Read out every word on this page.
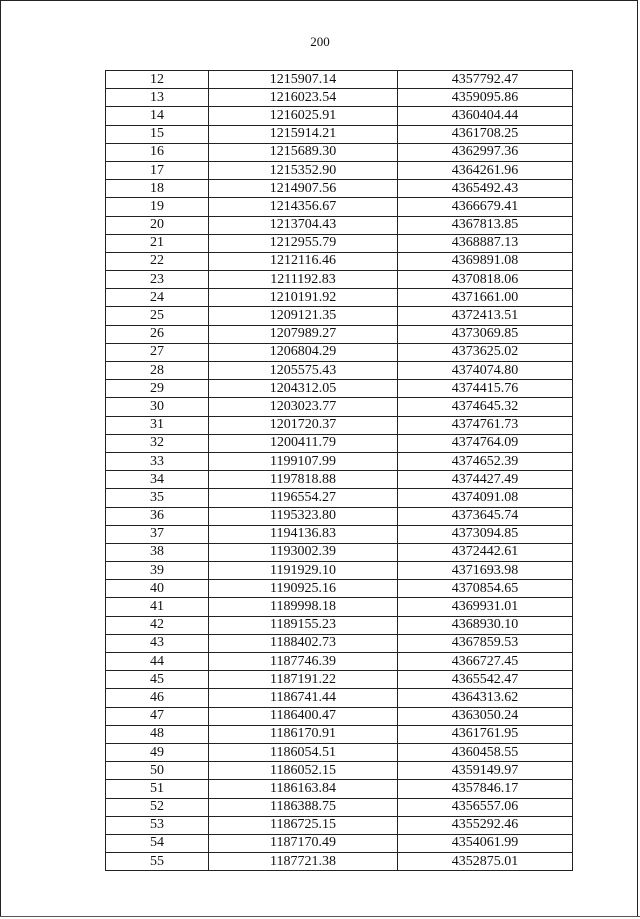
200
12	1215907.14	4357792.47
13	1216023.54	4359095.86
14	1216025.91	4360404.44
15	1215914.21	4361708.25
16	1215689.30	4362997.36
17	1215352.90	4364261.96
18	1214907.56	4365492.43
19	1214356.67	4366679.41
20	1213704.43	4367813.85
21	1212955.79	4368887.13
22	1212116.46	4369891.08
23	1211192.83	4370818.06
24	1210191.92	4371661.00
25	1209121.35	4372413.51
26	1207989.27	4373069.85
27	1206804.29	4373625.02
28	1205575.43	4374074.80
29	1204312.05	4374415.76
30	1203023.77	4374645.32
31	1201720.37	4374761.73
32	1200411.79	4374764.09
33	1199107.99	4374652.39
34	1197818.88	4374427.49
35	1196554.27	4374091.08
36	1195323.80	4373645.74
37	1194136.83	4373094.85
38	1193002.39	4372442.61
39	1191929.10	4371693.98
40	1190925.16	4370854.65
41	1189998.18	4369931.01
42	1189155.23	4368930.10
43	1188402.73	4367859.53
44	1187746.39	4366727.45
45	1187191.22	4365542.47
46	1186741.44	4364313.62
47	1186400.47	4363050.24
48	1186170.91	4361761.95
49	1186054.51	4360458.55
50	1186052.15	4359149.97
51	1186163.84	4357846.17
52	1186388.75	4356557.06
53	1186725.15	4355292.46
54	1187170.49	4354061.99
55	1187721.38	4352875.01
